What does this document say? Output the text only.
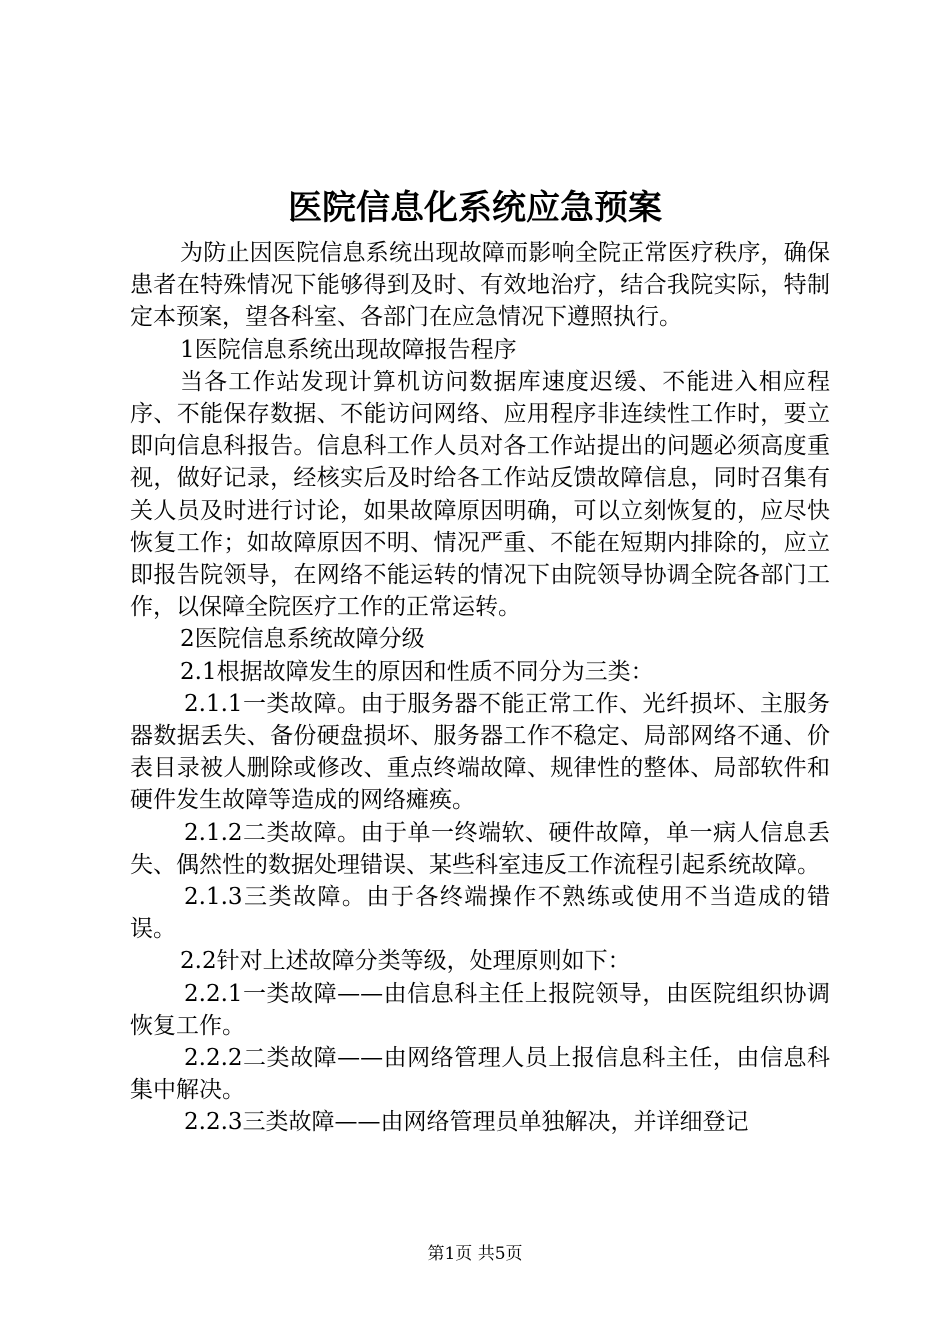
医院信息化系统应急预案

为防止因医院信息系统出现故障而影响全院正常医疗秩序，确保患者在特殊情况下能够得到及时、有效地治疗，结合我院实际，特制定本预案，望各科室、各部门在应急情况下遵照执行。

1医院信息系统出现故障报告程序

当各工作站发现计算机访问数据库速度迟缓、不能进入相应程序、不能保存数据、不能访问网络、应用程序非连续性工作时，要立即向信息科报告。信息科工作人员对各工作站提出的问题必须高度重视，做好记录，经核实后及时给各工作站反馈故障信息，同时召集有关人员及时进行讨论，如果故障原因明确，可以立刻恢复的，应尽快恢复工作；如故障原因不明、情况严重、不能在短期内排除的，应立即报告院领导，在网络不能运转的情况下由院领导协调全院各部门工作，以保障全院医疗工作的正常运转。

2医院信息系统故障分级

2.1根据故障发生的原因和性质不同分为三类：

2.1.1一类故障。由于服务器不能正常工作、光纤损坏、主服务器数据丢失、备份硬盘损坏、服务器工作不稳定、局部网络不通、价表目录被人删除或修改、重点终端故障、规律性的整体、局部软件和硬件发生故障等造成的网络瘫痪。

2.1.2二类故障。由于单一终端软、硬件故障，单一病人信息丢失、偶然性的数据处理错误、某些科室违反工作流程引起系统故障。

2.1.3三类故障。由于各终端操作不熟练或使用不当造成的错误。

2.2针对上述故障分类等级，处理原则如下：

2.2.1一类故障——由信息科主任上报院领导，由医院组织协调恢复工作。

2.2.2二类故障——由网络管理人员上报信息科主任，由信息科集中解决。

2.2.3三类故障——由网络管理员单独解决，并详细登记

第1页 共5页
